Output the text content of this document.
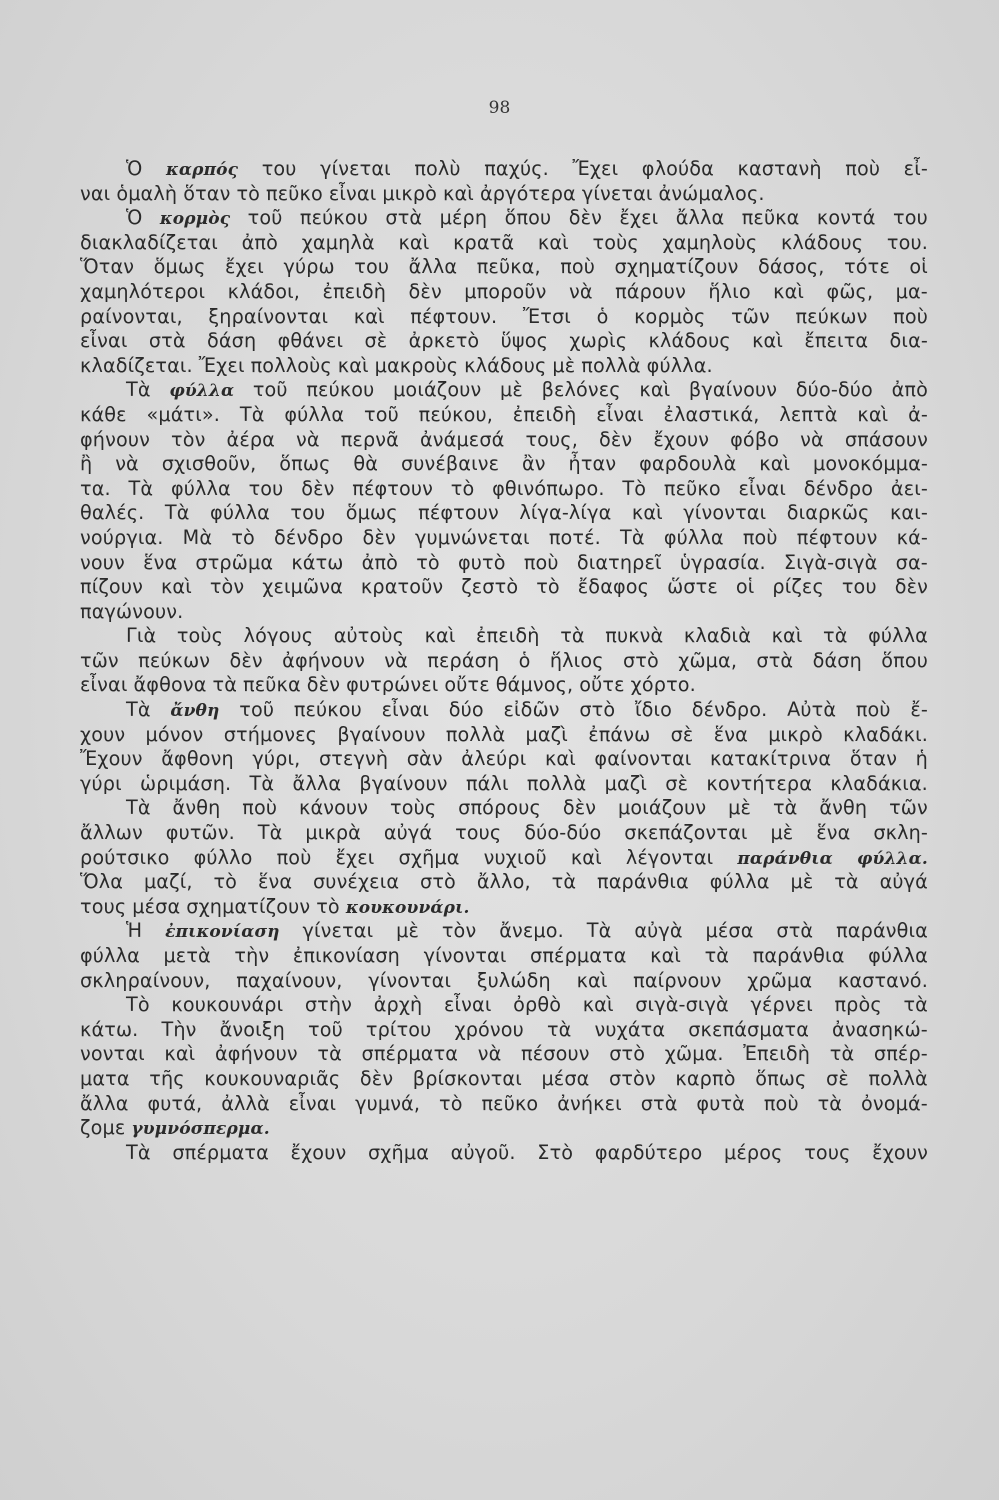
98
Ὁ καρπός του γίνεται πολὺ παχύς. Ἔχει φλούδα καστανὴ ποὺ εἶ-
ναι ὁμαλὴ ὅταν τὸ πεῦκο εἶναι μικρὸ καὶ ἀργότερα γίνεται ἀνώμαλος.
Ὁ κορμὸς τοῦ πεύκου στὰ μέρη ὅπου δὲν ἔχει ἄλλα πεῦκα κοντά του
διακλαδίζεται ἀπὸ χαμηλὰ καὶ κρατᾶ καὶ τοὺς χαμηλοὺς κλάδους του.
Ὅταν ὅμως ἔχει γύρω του ἄλλα πεῦκα, ποὺ σχηματίζουν δάσος, τότε οἱ
χαμηλότεροι κλάδοι, ἐπειδὴ δὲν μποροῦν νὰ πάρουν ἥλιο καὶ φῶς, μα-
ραίνονται, ξηραίνονται καὶ πέφτουν. Ἔτσι ὁ κορμὸς τῶν πεύκων ποὺ
εἶναι στὰ δάση φθάνει σὲ ἀρκετὸ ὕψος χωρὶς κλάδους καὶ ἔπειτα δια-
κλαδίζεται. Ἔχει πολλοὺς καὶ μακροὺς κλάδους μὲ πολλὰ φύλλα.
Τὰ φύλλα τοῦ πεύκου μοιάζουν μὲ βελόνες καὶ βγαίνουν δύο-δύο ἀπὸ
κάθε «μάτι». Τὰ φύλλα τοῦ πεύκου, ἐπειδὴ εἶναι ἐλαστικά, λεπτὰ καὶ ἀ-
φήνουν τὸν ἀέρα νὰ περνᾶ ἀνάμεσά τους, δὲν ἔχουν φόβο νὰ σπάσουν
ἢ νὰ σχισθοῦν, ὅπως θὰ συνέβαινε ἂν ἦταν φαρδουλὰ καὶ μονοκόμμα-
τα. Τὰ φύλλα του δὲν πέφτουν τὸ φθινόπωρο. Τὸ πεῦκο εἶναι δένδρο ἀει-
θαλές. Τὰ φύλλα του ὅμως πέφτουν λίγα-λίγα καὶ γίνονται διαρκῶς και-
νούργια. Μὰ τὸ δένδρο δὲν γυμνώνεται ποτέ. Τὰ φύλλα ποὺ πέφτουν κά-
νουν ἕνα στρῶμα κάτω ἀπὸ τὸ φυτὸ ποὺ διατηρεῖ ὑγρασία. Σιγὰ-σιγὰ σα-
πίζουν καὶ τὸν χειμῶνα κρατοῦν ζεστὸ τὸ ἔδαφος ὥστε οἱ ρίζες του δὲν
παγώνουν.
Γιὰ τοὺς λόγους αὐτοὺς καὶ ἐπειδὴ τὰ πυκνὰ κλαδιὰ καὶ τὰ φύλλα
τῶν πεύκων δὲν ἀφήνουν νὰ περάση ὁ ἥλιος στὸ χῶμα, στὰ δάση ὅπου
εἶναι ἄφθονα τὰ πεῦκα δὲν φυτρώνει οὔτε θάμνος, οὔτε χόρτο.
Τὰ ἄνθη τοῦ πεύκου εἶναι δύο εἰδῶν στὸ ἴδιο δένδρο. Αὐτὰ ποὺ ἔ-
χουν μόνον στήμονες βγαίνουν πολλὰ μαζὶ ἐπάνω σὲ ἕνα μικρὸ κλαδάκι.
Ἔχουν ἄφθονη γύρι, στεγνὴ σὰν ἀλεύρι καὶ φαίνονται κατακίτρινα ὅταν ἡ
γύρι ὡριμάση. Τὰ ἄλλα βγαίνουν πάλι πολλὰ μαζὶ σὲ κοντήτερα κλαδάκια.
Τὰ ἄνθη ποὺ κάνουν τοὺς σπόρους δὲν μοιάζουν μὲ τὰ ἄνθη τῶν
ἄλλων φυτῶν. Τὰ μικρὰ αὐγά τους δύο-δύο σκεπάζονται μὲ ἕνα σκλη-
ρούτσικο φύλλο ποὺ ἔχει σχῆμα νυχιοῦ καὶ λέγονται παράνθια φύλλα.
Ὅλα μαζί, τὸ ἕνα συνέχεια στὸ ἄλλο, τὰ παράνθια φύλλα μὲ τὰ αὐγά
τους μέσα σχηματίζουν τὸ κουκουνάρι.
Ἡ ἐπικονίαση γίνεται μὲ τὸν ἄνεμο. Τὰ αὐγὰ μέσα στὰ παράνθια
φύλλα μετὰ τὴν ἐπικονίαση γίνονται σπέρματα καὶ τὰ παράνθια φύλλα
σκληραίνουν, παχαίνουν, γίνονται ξυλώδη καὶ παίρνουν χρῶμα καστανό.
Τὸ κουκουνάρι στὴν ἀρχὴ εἶναι ὀρθὸ καὶ σιγὰ-σιγὰ γέρνει πρὸς τὰ
κάτω. Τὴν ἄνοιξη τοῦ τρίτου χρόνου τὰ νυχάτα σκεπάσματα ἀνασηκώ-
νονται καὶ ἀφήνουν τὰ σπέρματα νὰ πέσουν στὸ χῶμα. Ἐπειδὴ τὰ σπέρ-
ματα τῆς κουκουναριᾶς δὲν βρίσκονται μέσα στὸν καρπὸ ὅπως σὲ πολλὰ
ἄλλα φυτά, ἀλλὰ εἶναι γυμνά, τὸ πεῦκο ἀνήκει στὰ φυτὰ ποὺ τὰ ὀνομά-
ζομε γυμνόσπερμα.
Τὰ σπέρματα ἔχουν σχῆμα αὐγοῦ. Στὸ φαρδύτερο μέρος τους ἔχουν
